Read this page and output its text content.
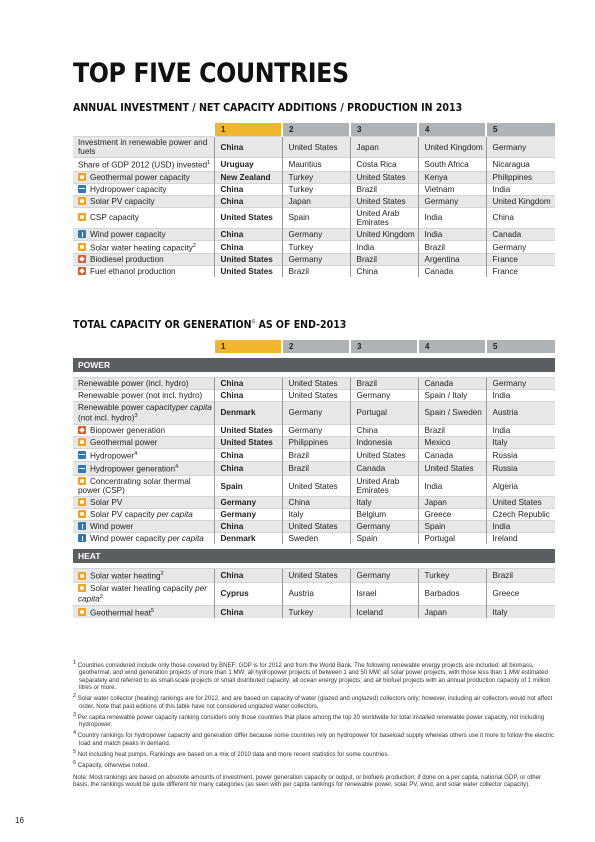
TOP FIVE COUNTRIES
ANNUAL INVESTMENT / NET CAPACITY ADDITIONS / PRODUCTION IN 2013
	1	2	3	4	5
Investment in renewable power and fuels	China	United States	Japan	United Kingdom	Germany
Share of GDP 2012 (USD) invested$^1$	Uruguay	Mauritius	Costa Rica	South Africa	Nicaragua
Geothermal power capacity	New Zealand	Turkey	United States	Kenya	Philippines
Hydropower capacity	China	Turkey	Brazil	Vietnam	India
Solar PV capacity	China	Japan	United States	Germany	United Kingdom
CSP capacity	United States	Spain	United Arab Emirates	India	China
Wind power capacity	China	Germany	United Kingdom	India	Canada
Solar water heating capacity$^2$	China	Turkey	India	Brazil	Germany
Biodiesel production	United States	Germany	Brazil	Argentina	France
Fuel ethanol production	United States	Brazil	China	Canada	France
TOTAL CAPACITY OR GENERATION$^6$ AS OF END-2013
	1	2	3	4	5

POWER					

Renewable power (incl. hydro)	China	United States	Brazil	Canada	Germany
Renewable power (not incl. hydro)	China	United States	Germany	Spain / Italy	India
Renewable power capacityper capita (not incl. hydro)$^3$	Denmark	Germany	Portugal	Spain / Sweden	Austria
Biopower generation	United States	Germany	China	Brazil	India
Geothermal power	United States	Philippines	Indonesia	Mexico	Italy
Hydropower$^4$	China	Brazil	United States	Canada	Russia
Hydropower generation$^4$	China	Brazil	Canada	United States	Russia
Concentrating solar thermal power (CSP)	Spain	United States	United Arab Emirates	India	Algeria
Solar PV	Germany	China	Italy	Japan	United States
Solar PV capacity per capita	Germany	Italy	Belgium	Greece	Czech Republic
Wind power	China	United States	Germany	Spain	India
Wind power capacity per capita	Denmark	Sweden	Spain	Portugal	Ireland

HEAT					

Solar water heating$^2$	China	United States	Germany	Turkey	Brazil
Solar water heating capacity per capita$^2$	Cyprus	Austria	Israel	Barbados	Greece
Geothermal heat$^5$	China	Turkey	Iceland	Japan	Italy

$^1$ Countries considered include only those covered by BNEF; GDP is for 2012 and from the World Bank. The following renewable energy projects are included: all biomass, geothermal, and wind generation projects of more than 1 MW; all hydropower projects of between 1 and 50 MW; all solar power projects, with those less than 1 MW estimated separately and referred to as small-scale projects or small distributed capacity; all ocean energy projects; and all biofuel projects with an annual production capacity of 1 million litres or more.

$^2$ Solar water collector (heating) rankings are for 2012, and are based on capacity of water (glazed and unglazed) collectors only; however, including air collectors would not affect order. Note that past editions of this table have not considered unglazed water collectors.

$^3$ Per capita renewable power capacity ranking considers only those countries that place among the top 20 worldwide for total installed renewable power capacity, not including hydropower.

$^4$ Country rankings for hydropower capacity and generation differ because some countries rely on hydropower for baseload supply whereas others use it more to follow the electric load and match peaks in demand.

$^5$ Not including heat pumps. Rankings are based on a mix of 2010 data and more recent statistics for some countries.

$^6$ Capacity, otherwise noted.

Note: Most rankings are based on absolute amounts of investment, power generation capacity or output, or biofuels production; if done on a per capita, national GDP, or other basis, the rankings would be quite different for many categories (as seen with per capita rankings for renewable power, solar PV, wind, and solar water collector capacity).

16
